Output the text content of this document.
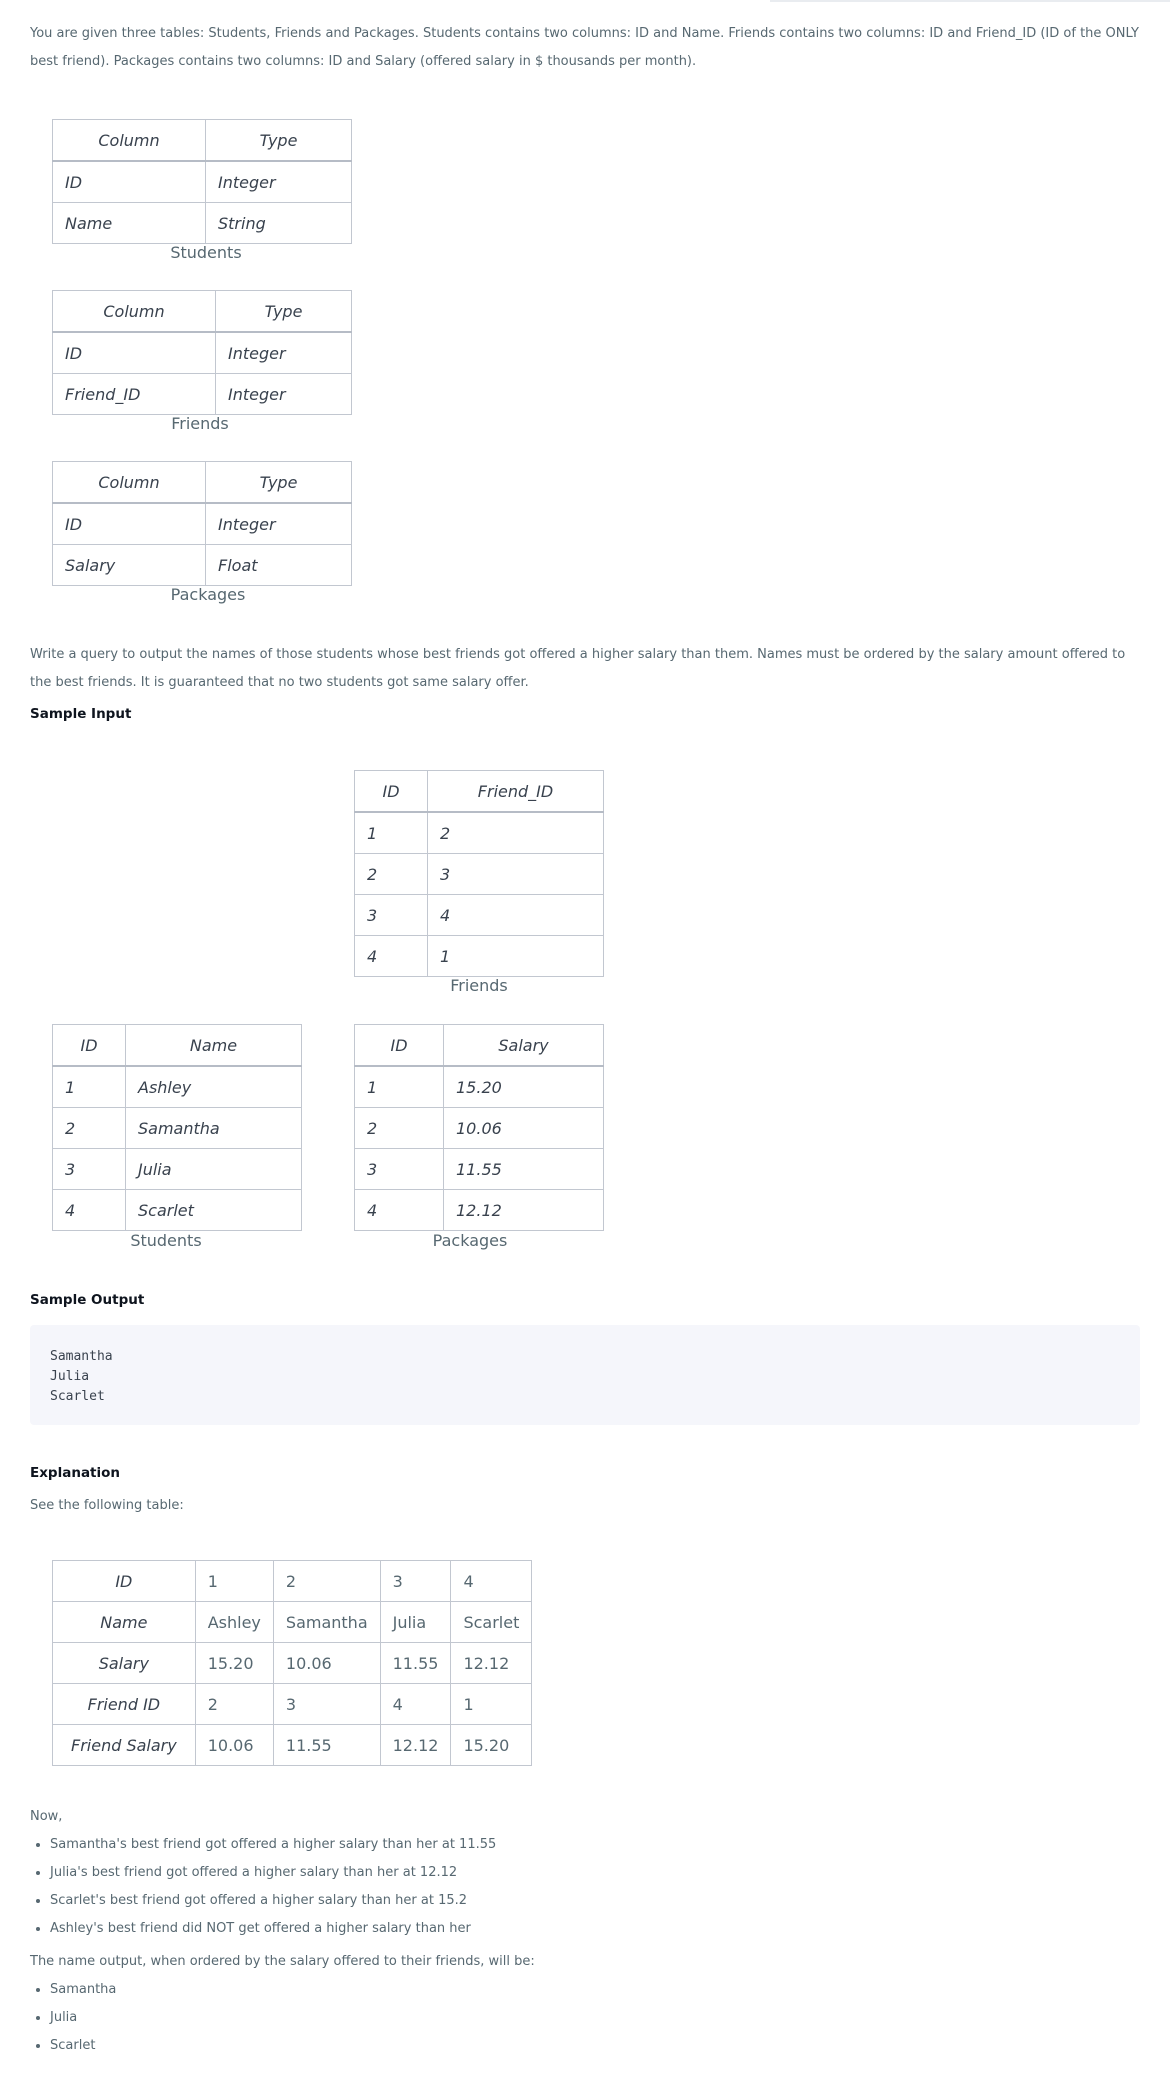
You are given three tables: Students, Friends and Packages. Students contains two columns: ID and Name. Friends contains two columns: ID and Friend_ID (ID of the ONLY best friend). Packages contains two columns: ID and Salary (offered salary in $ thousands per month).

Column	Type
ID	Integer
Name	String
Students
Column	Type
ID	Integer
Friend_ID	Integer
Friends
Column	Type
ID	Integer
Salary	Float
Packages

Write a query to output the names of those students whose best friends got offered a higher salary than them. Names must be ordered by the salary amount offered to the best friends. It is guaranteed that no two students got same salary offer.

Sample Input

ID	Friend_ID
1	2
2	3
3	4
4	1
Friends
ID	Name
1	Ashley
2	Samantha
3	Julia
4	Scarlet
Students
ID	Salary
1	15.20
2	10.06
3	11.55
4	12.12
Packages

Sample Output

Samantha
Julia
Scarlet

Explanation

See the following table:

ID	1	2	3	4
Name	Ashley	Samantha	Julia	Scarlet
Salary	15.20	10.06	11.55	12.12
Friend ID	2	3	4	1
Friend Salary	10.06	11.55	12.12	15.20

Now,

• Samantha's best friend got offered a higher salary than her at 11.55
• Julia's best friend got offered a higher salary than her at 12.12
• Scarlet's best friend got offered a higher salary than her at 15.2
• Ashley's best friend did NOT get offered a higher salary than her

The name output, when ordered by the salary offered to their friends, will be:

• Samantha
• Julia
• Scarlet
